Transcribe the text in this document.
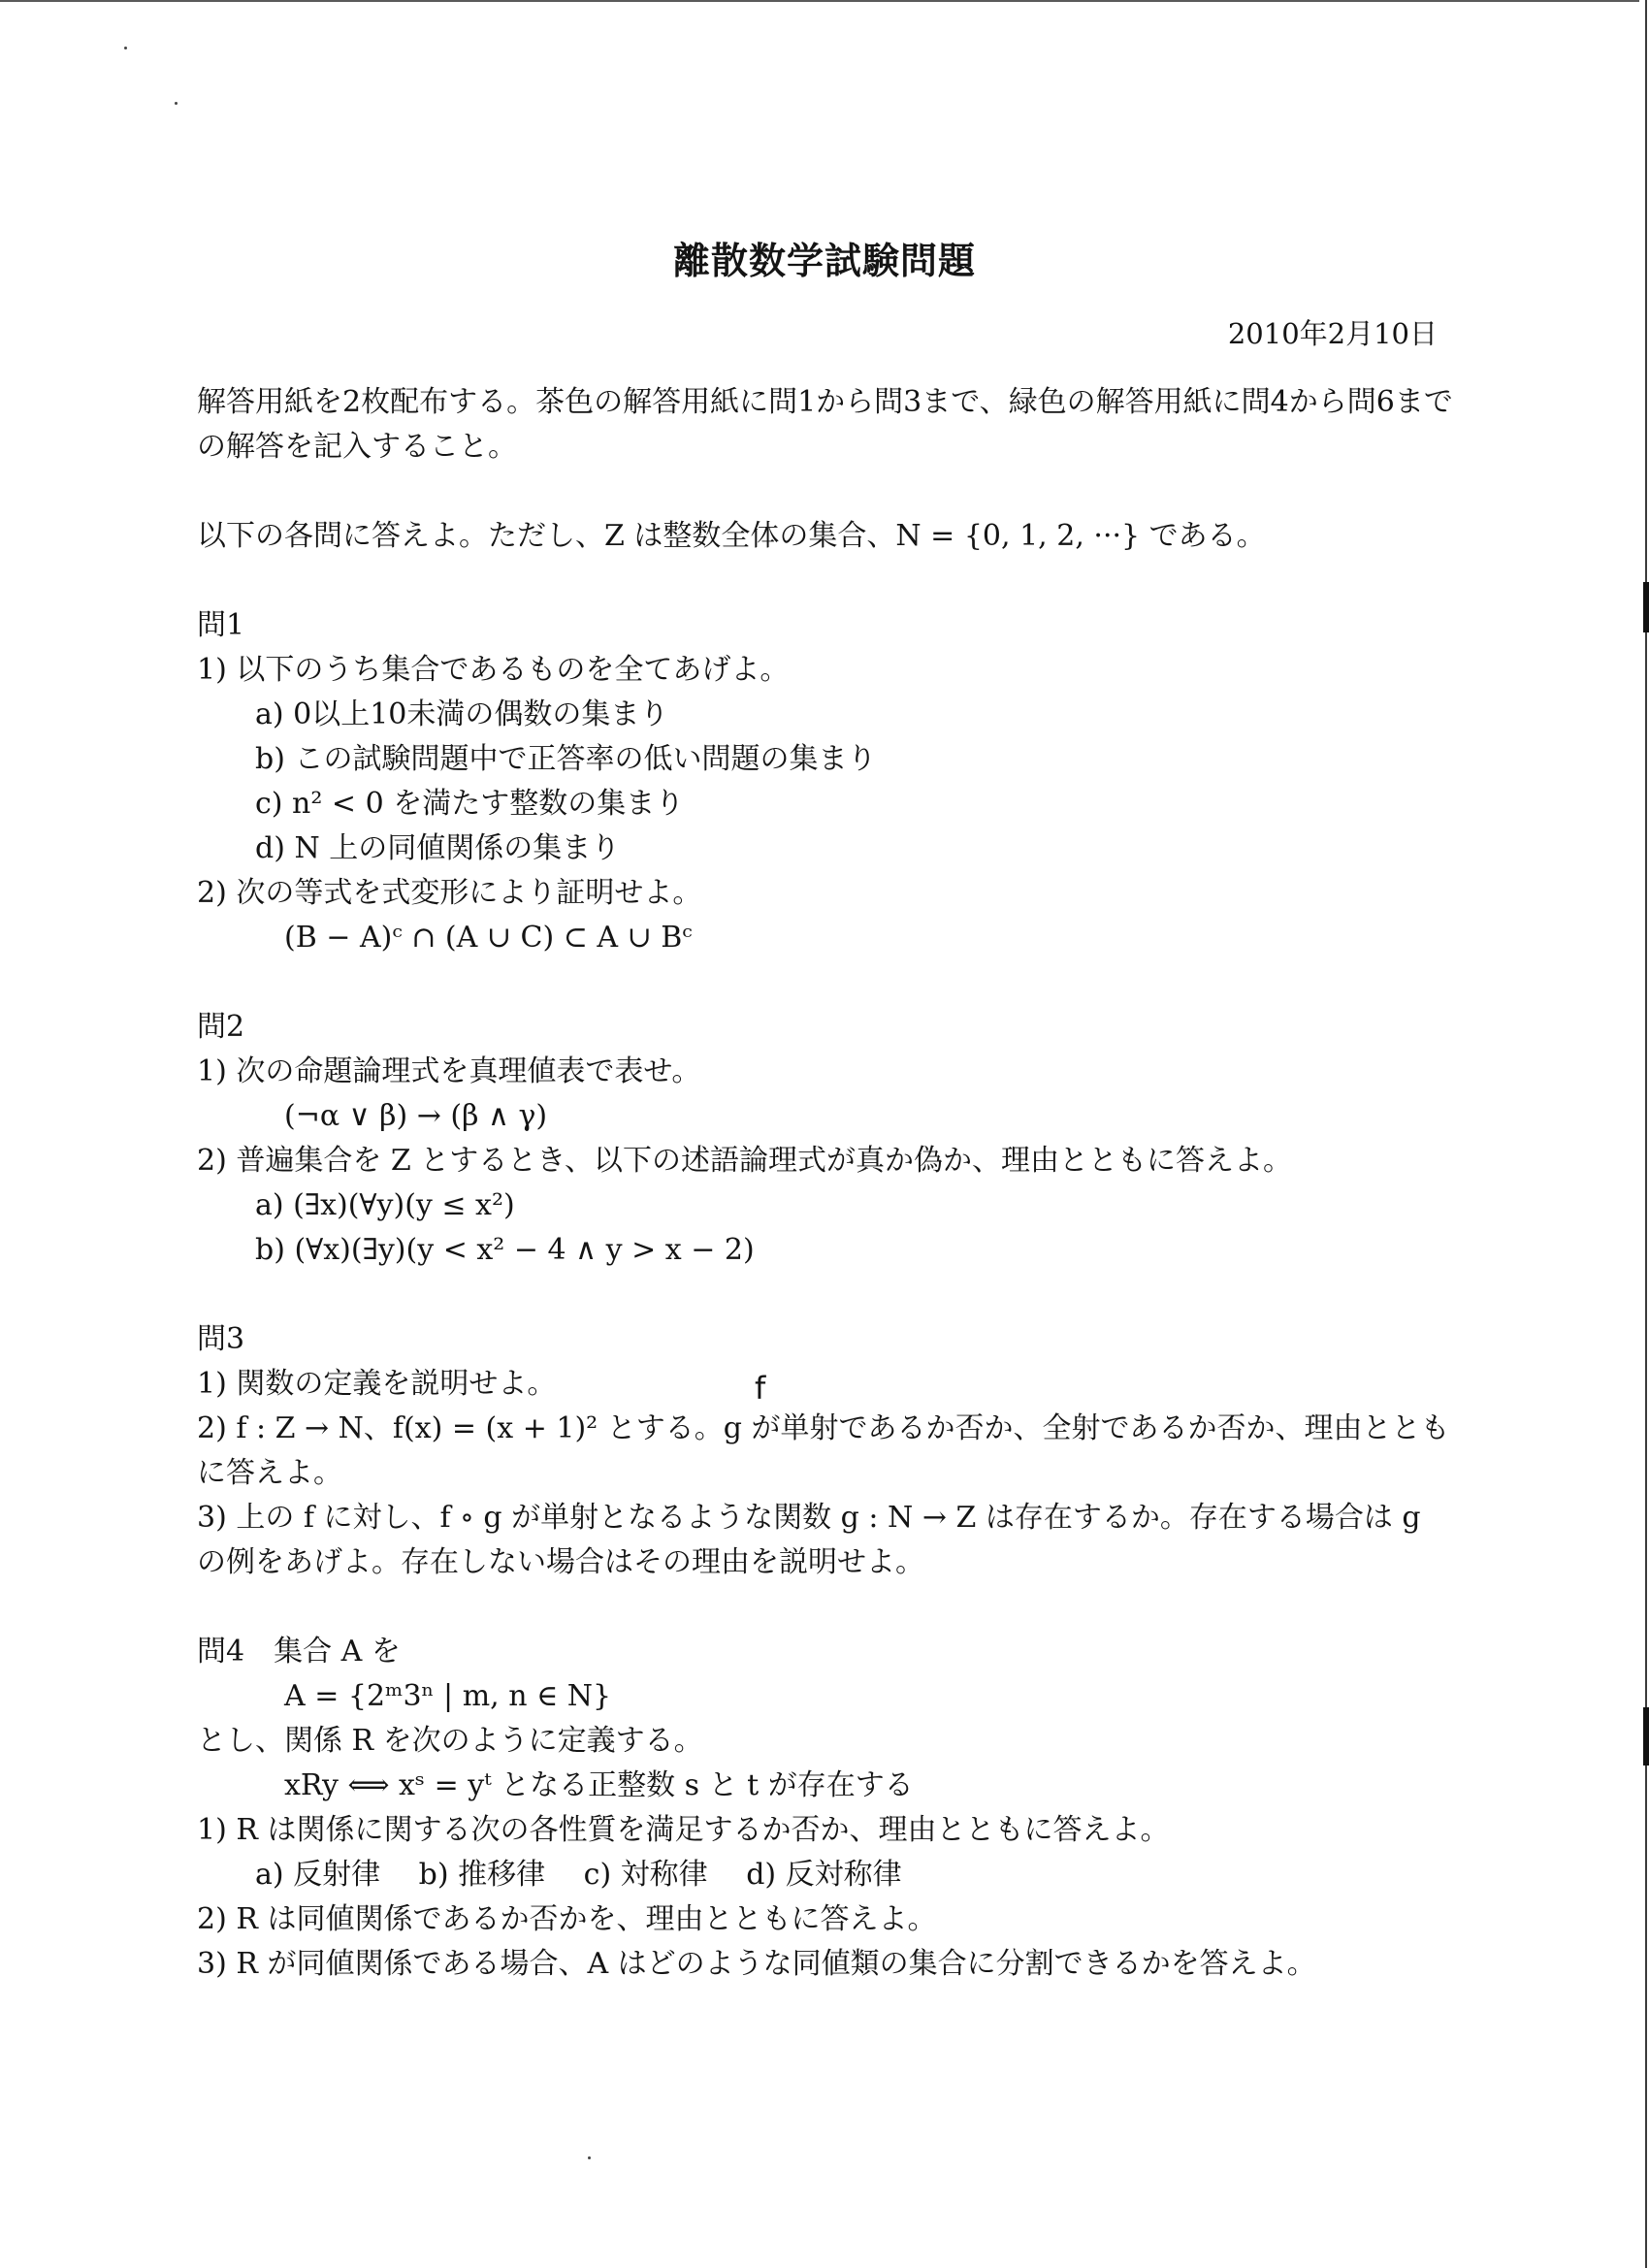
離散数学試験問題
2010年2月10日

解答用紙を2枚配布する。茶色の解答用紙に問1から問3まで、緑色の解答用紙に問4から問6までの解答を記入すること。

以下の各問に答えよ。ただし、Z は整数全体の集合、N = {0, 1, 2, ···} である。

問1

1) 以下のうち集合であるものを全てあげよ。

a) 0以上10未満の偶数の集まり

b) この試験問題中で正答率の低い問題の集まり

c) n² < 0 を満たす整数の集まり

d) N 上の同値関係の集まり

2) 次の等式を式変形により証明せよ。

(B − A)ᶜ ∩ (A ∪ C) ⊂ A ∪ Bᶜ

問2

1) 次の命題論理式を真理値表で表せ。

(¬α ∨ β) → (β ∧ γ)

2) 普遍集合を Z とするとき、以下の述語論理式が真か偽か、理由とともに答えよ。

a) (∃x)(∀y)(y ≤ x²)

b) (∀x)(∃y)(y < x² − 4 ∧ y > x − 2)

問3

1) 関数の定義を説明せよ。

2) f : Z → N、f(x) = (x + 1)² とする。g が単射であるか否か、全射であるか否か、理由とともに答えよ。

3) 上の f に対し、f ∘ g が単射となるような関数 g : N → Z は存在するか。存在する場合は g の例をあげよ。存在しない場合はその理由を説明せよ。

問4　集合 A を

A = {2ᵐ3ⁿ | m, n ∈ N}

とし、関係 R を次のように定義する。

xRy ⟺ xˢ = yᵗ となる正整数 s と t が存在する

1) R は関係に関する次の各性質を満足するか否か、理由とともに答えよ。

a) 反射律　 b) 推移律　 c) 対称律　 d) 反対称律

2) R は同値関係であるか否かを、理由とともに答えよ。

3) R が同値関係である場合、A はどのような同値類の集合に分割できるかを答えよ。

f
